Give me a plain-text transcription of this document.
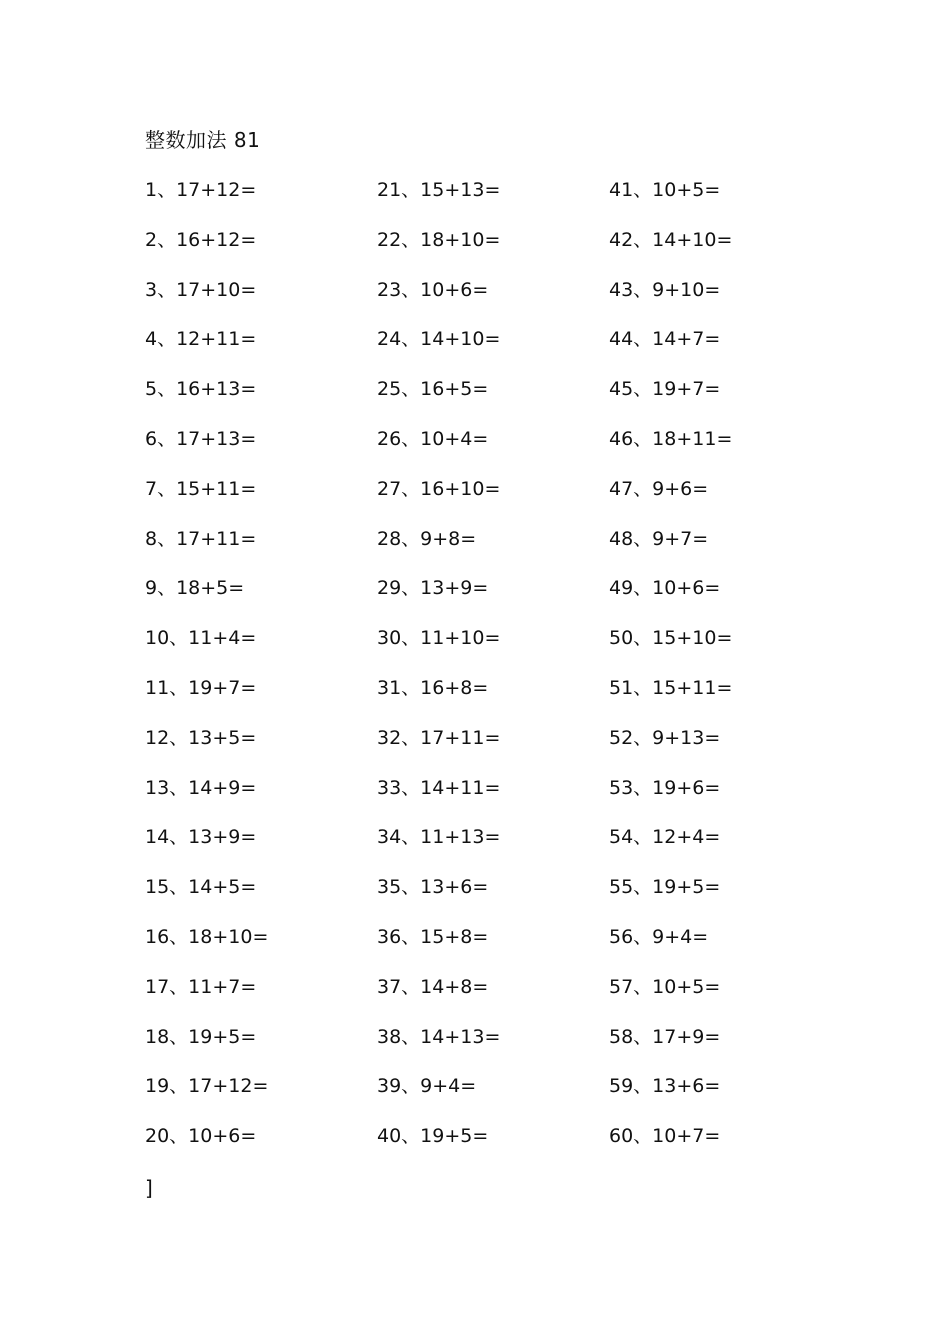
整数加法 81
1、17+12=	21、15+13=	41、10+5=
2、16+12=	22、18+10=	42、14+10=
3、17+10=	23、10+6=	43、9+10=
4、12+11=	24、14+10=	44、14+7=
5、16+13=	25、16+5=	45、19+7=
6、17+13=	26、10+4=	46、18+11=
7、15+11=	27、16+10=	47、9+6=
8、17+11=	28、9+8=	48、9+7=
9、18+5=	29、13+9=	49、10+6=
10、11+4=	30、11+10=	50、15+10=
11、19+7=	31、16+8=	51、15+11=
12、13+5=	32、17+11=	52、9+13=
13、14+9=	33、14+11=	53、19+6=
14、13+9=	34、11+13=	54、12+4=
15、14+5=	35、13+6=	55、19+5=
16、18+10=	36、15+8=	56、9+4=
17、11+7=	37、14+8=	57、10+5=
18、19+5=	38、14+13=	58、17+9=
19、17+12=	39、9+4=	59、13+6=
20、10+6=	40、19+5=	60、10+7=
]
